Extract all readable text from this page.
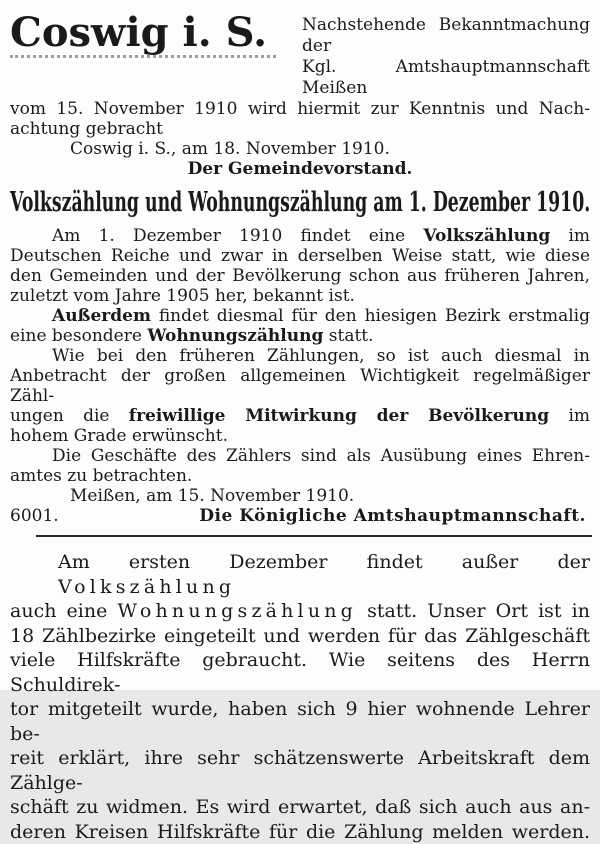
Coswig i. S.	Nachstehende Bekanntmachung der
Kgl. Amtshauptmannschaft Meißen
vom 15. November 1910 wird hiermit zur Kenntnis und Nach-
achtung gebracht
Coswig i. S., am 18. November 1910.
Der Gemeindevorstand.
Volkszählung und Wohnungszählung am 1. Dezember 1910.
Am 1. Dezember 1910 findet eine Volkszählung im
Deutschen Reiche und zwar in derselben Weise statt, wie diese
den Gemeinden und der Bevölkerung schon aus früheren Jahren,
zuletzt vom Jahre 1905 her, bekannt ist.
Außerdem findet diesmal für den hiesigen Bezirk erstmalig
eine besondere Wohnungszählung statt.
Wie bei den früheren Zählungen, so ist auch diesmal in
Anbetracht der großen allgemeinen Wichtigkeit regelmäßiger Zähl-
ungen die freiwillige Mitwirkung der Bevölkerung im
hohem Grade erwünscht.
Die Geschäfte des Zählers sind als Ausübung eines Ehren-
amtes zu betrachten.
Meißen, am 15. November 1910.
6001.	Die Königliche Amtshauptmannschaft.
Am ersten Dezember findet außer der Volkszählung
auch eine Wohnungszählung statt. Unser Ort ist in
18 Zählbezirke eingeteilt und werden für das Zählgeschäft
viele Hilfskräfte gebraucht. Wie seitens des Herrn Schuldirek-
tor mitgeteilt wurde, haben sich 9 hier wohnende Lehrer be-
reit erklärt, ihre sehr schätzenswerte Arbeitskraft dem Zählge-
schäft zu widmen. Es wird erwartet, daß sich auch aus an-
deren Kreisen Hilfskräfte für die Zählung melden werden.
